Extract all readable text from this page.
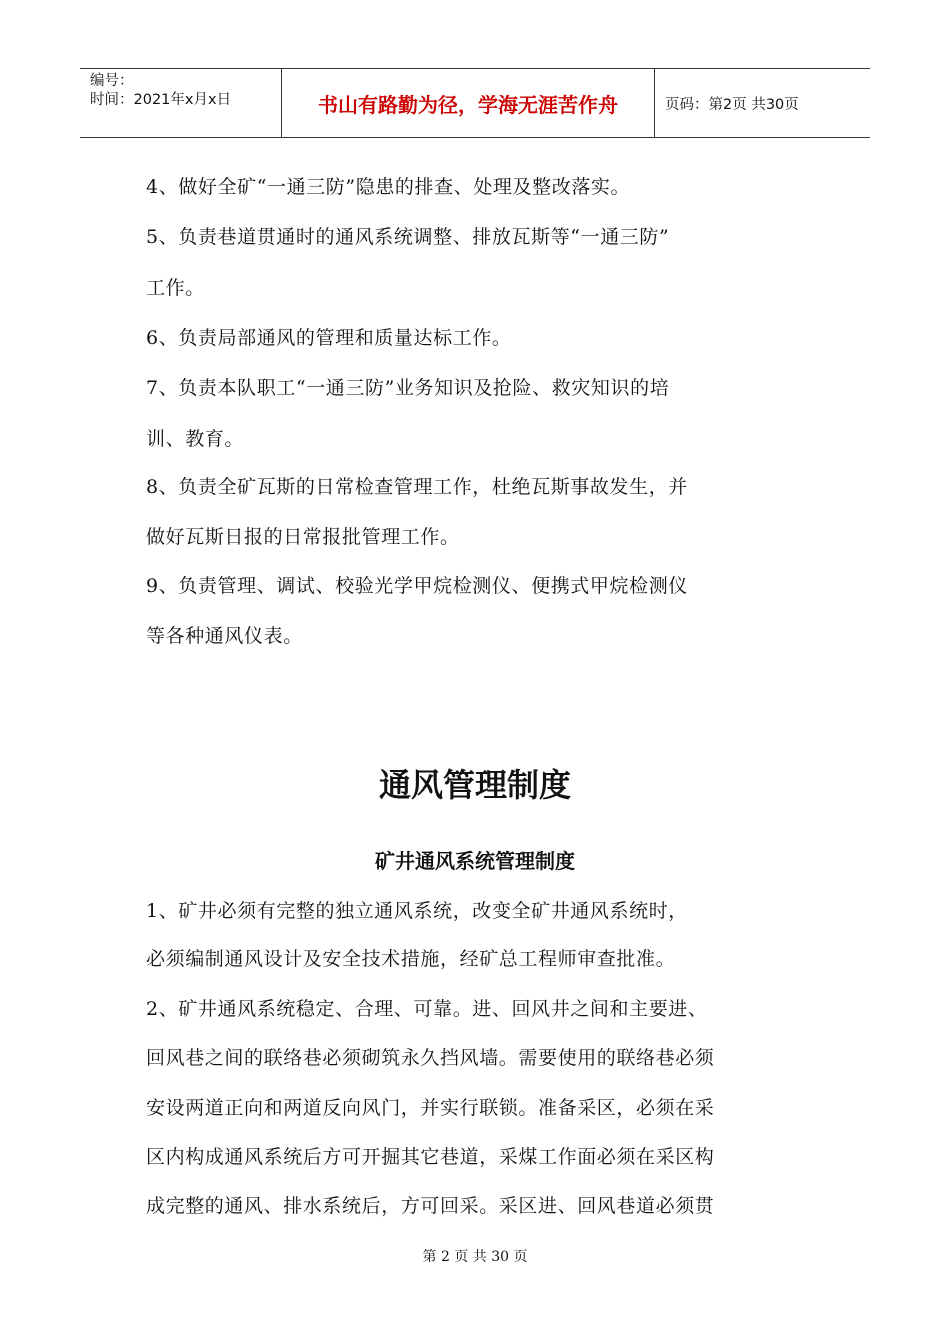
编号：
时间：2021年x月x日	书山有路勤为径，学海无涯苦作舟	页码：第2页 共30页
4、做好全矿“一通三防”隐患的排查、处理及整改落实。
5、负责巷道贯通时的通风系统调整、排放瓦斯等“一通三防”
工作。
6、负责局部通风的管理和质量达标工作。
7、负责本队职工“一通三防”业务知识及抢险、救灾知识的培
训、教育。
8、负责全矿瓦斯的日常检查管理工作，杜绝瓦斯事故发生，并
做好瓦斯日报的日常报批管理工作。
9、负责管理、调试、校验光学甲烷检测仪、便携式甲烷检测仪
等各种通风仪表。
通风管理制度
矿井通风系统管理制度
1、矿井必须有完整的独立通风系统，改变全矿井通风系统时，
必须编制通风设计及安全技术措施，经矿总工程师审查批准。
2、矿井通风系统稳定、合理、可靠。进、回风井之间和主要进、
回风巷之间的联络巷必须砌筑永久挡风墙。需要使用的联络巷必须
安设两道正向和两道反向风门，并实行联锁。准备采区，必须在采
区内构成通风系统后方可开掘其它巷道，采煤工作面必须在采区构
成完整的通风、排水系统后，方可回采。采区进、回风巷道必须贯
第 2 页 共 30 页
